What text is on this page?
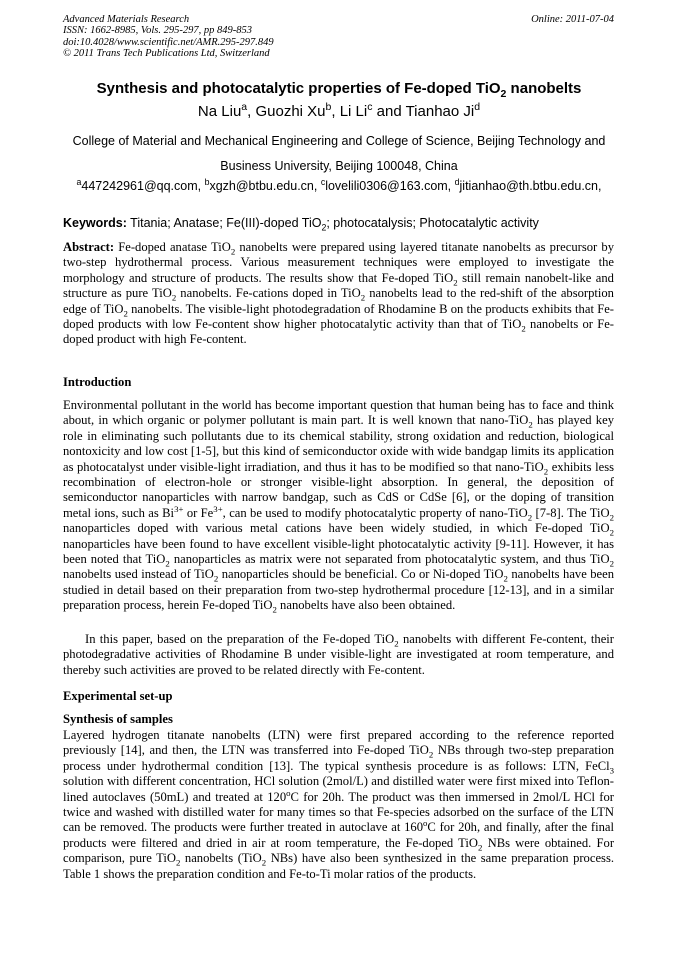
Advanced Materials Research
ISSN: 1662-8985, Vols. 295-297, pp 849-853
doi:10.4028/www.scientific.net/AMR.295-297.849
© 2011 Trans Tech Publications Ltd, Switzerland
Online: 2011-07-04
Synthesis and photocatalytic properties of Fe-doped TiO$_2$ nanobelts
Na Liu$^a$, Guozhi Xu$^b$, Li Li$^c$ and Tianhao Ji$^d$
College of Material and Mechanical Engineering and College of Science, Beijing Technology and
Business University, Beijing 100048, China
$^a$447242961@qq.com, $^b$xgzh@btbu.edu.cn, $^c$lovelili0306@163.com, $^d$jitianhao@th.btbu.edu.cn,
Keywords: Titania; Anatase; Fe(III)-doped TiO$_2$; photocatalysis; Photocatalytic activity
Abstract: Fe-doped anatase TiO$_2$ nanobelts were prepared using layered titanate nanobelts as precursor by two-step hydrothermal process. Various measurement techniques were employed to investigate the morphology and structure of products. The results show that Fe-doped TiO$_2$ still remain nanobelt-like and structure as pure TiO$_2$ nanobelts. Fe-cations doped in TiO$_2$ nanobelts lead to the red-shift of the absorption edge of TiO$_2$ nanobelts. The visible-light photodegradation of Rhodamine B on the products exhibits that Fe-doped products with low Fe-content show higher photocatalytic activity than that of TiO$_2$ nanobelts or Fe-doped product with high Fe-content.
Introduction
Environmental pollutant in the world has become important question that human being has to face and think about, in which organic or polymer pollutant is main part. It is well known that nano-TiO$_2$ has played key role in eliminating such pollutants due to its chemical stability, strong oxidation and reduction, biological nontoxicity and low cost [1-5], but this kind of semiconductor oxide with wide bandgap limits its application as photocatalyst under visible-light irradiation, and thus it has to be modified so that nano-TiO$_2$ exhibits less recombination of electron-hole or stronger visible-light absorption. In general, the deposition of semiconductor nanoparticles with narrow bandgap, such as CdS or CdSe [6], or the doping of transition metal ions, such as $Bi^{3+}$ or $Fe^{3+}$, can be used to modify photocatalytic property of nano-TiO$_2$ [7-8]. The TiO$_2$ nanoparticles doped with various metal cations have been widely studied, in which Fe-doped TiO$_2$ nanoparticles have been found to have excellent visible-light photocatalytic activity [9-11]. However, it has been noted that TiO$_2$ nanoparticles as matrix were not separated from photocatalytic system, and thus TiO$_2$ nanobelts used instead of TiO$_2$ nanoparticles should be beneficial. Co or Ni-doped TiO$_2$ nanobelts have been studied in detail based on their preparation from two-step hydrothermal procedure [12-13], and in a similar preparation process, herein Fe-doped TiO$_2$ nanobelts have also been obtained.
In this paper, based on the preparation of the Fe-doped TiO$_2$ nanobelts with different Fe-content, their photodegradative activities of Rhodamine B under visible-light are investigated at room temperature, and thereby such activities are proved to be related directly with Fe-content.
Experimental set-up
Synthesis of samples
Layered hydrogen titanate nanobelts (LTN) were first prepared according to the reference reported previously [14], and then, the LTN was transferred into Fe-doped TiO$_2$ NBs through two-step preparation process under hydrothermal condition [13]. The typical synthesis procedure is as follows: LTN, FeCl$_3$ solution with different concentration, HCl solution (2mol/L) and distilled water were first mixed into Teflon-lined autoclaves (50mL) and treated at 120$^o$C for 20h. The product was then immersed in 2mol/L HCl for twice and washed with distilled water for many times so that Fe-species adsorbed on the surface of the LTN can be removed. The products were further treated in autoclave at 160$^o$C for 20h, and finally, after the final products were filtered and dried in air at room temperature, the Fe-doped TiO$_2$ NBs were obtained. For comparison, pure TiO$_2$ nanobelts (TiO$_2$ NBs) have also been synthesized in the same preparation process. Table 1 shows the preparation condition and Fe-to-Ti molar ratios of the products.
